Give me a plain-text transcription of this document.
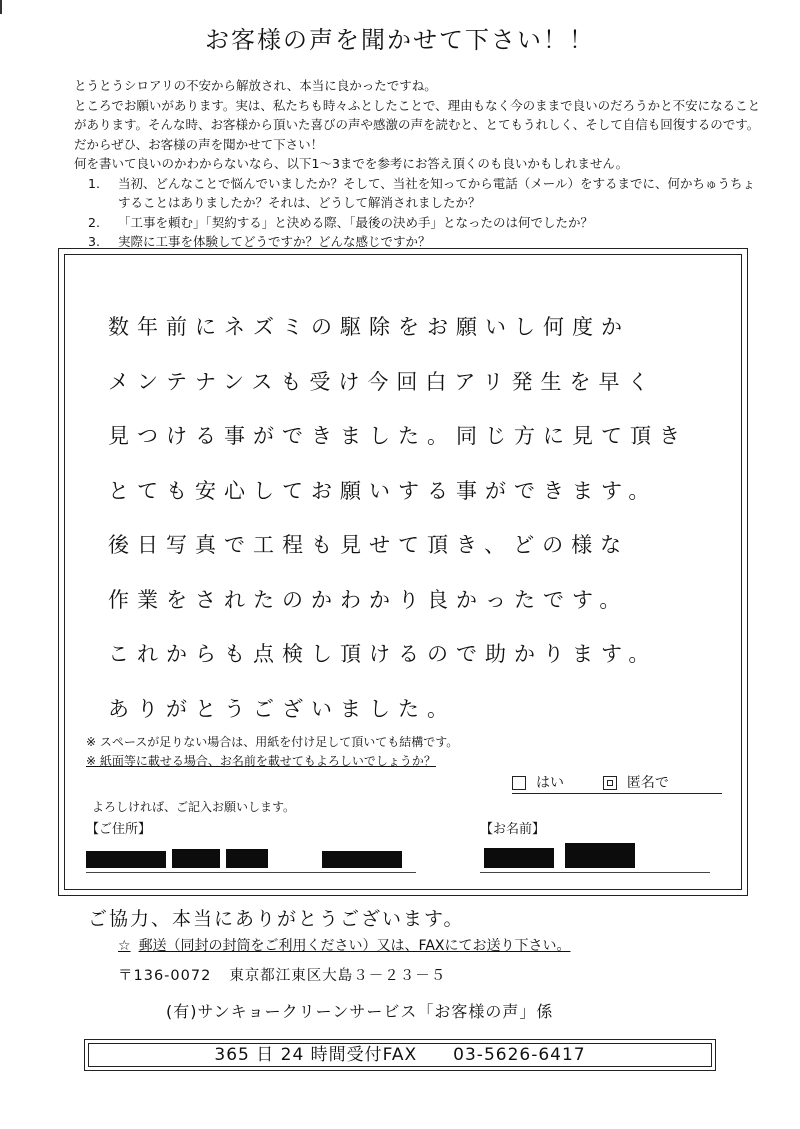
お客様の声を聞かせて下さい！！

とうとうシロアリの不安から解放され、本当に良かったですね。

ところでお願いがあります。実は、私たちも時々ふとしたことで、理由もなく今のままで良いのだろうかと不安になることがあります。そんな時、お客様から頂いた喜びの声や感激の声を読むと、とてもうれしく、そして自信も回復するのです。だからぜひ、お客様の声を聞かせて下さい！

何を書いて良いのかわからないなら、以下1～3までを参考にお答え頂くのも良いかもしれません。

1.	当初、どんなことで悩んでいましたか？そして、当社を知ってから電話（メール）をするまでに、何かちゅうちょすることはありましたか？それは、どうして解消されましたか？
2.	「工事を頼む」「契約する」と決める際、「最後の決め手」となったのは何でしたか？
3.	実際に工事を体験してどうですか？どんな感じですか？
数年前にネズミの駆除をお願いし何度か
メンテナンスも受け今回白アリ発生を早く
見つける事ができました。同じ方に見て頂き
とても安心してお願いする事ができます。
後日写真で工程も見せて頂き、どの様な
作業をされたのかわかり良かったです。
これからも点検し頂けるので助かります。
ありがとうございました。
※ スペースが足りない場合は、用紙を付け足して頂いても結構です。
※ 紙面等に載せる場合、お名前を載せてもよろしいでしょうか？
はい	匿名で
よろしければ、ご記入お願いします。
【ご住所】	【お名前】
ご協力、本当にありがとうございます。
☆ 郵送（同封の封筒をご利用ください）又は、FAXにてお送り下さい。
〒136-0072 東京都江東区大島３－２３－５
(有)サンキョークリーンサービス「お客様の声」係
365 日 24 時間受付FAX 03-5626-6417
